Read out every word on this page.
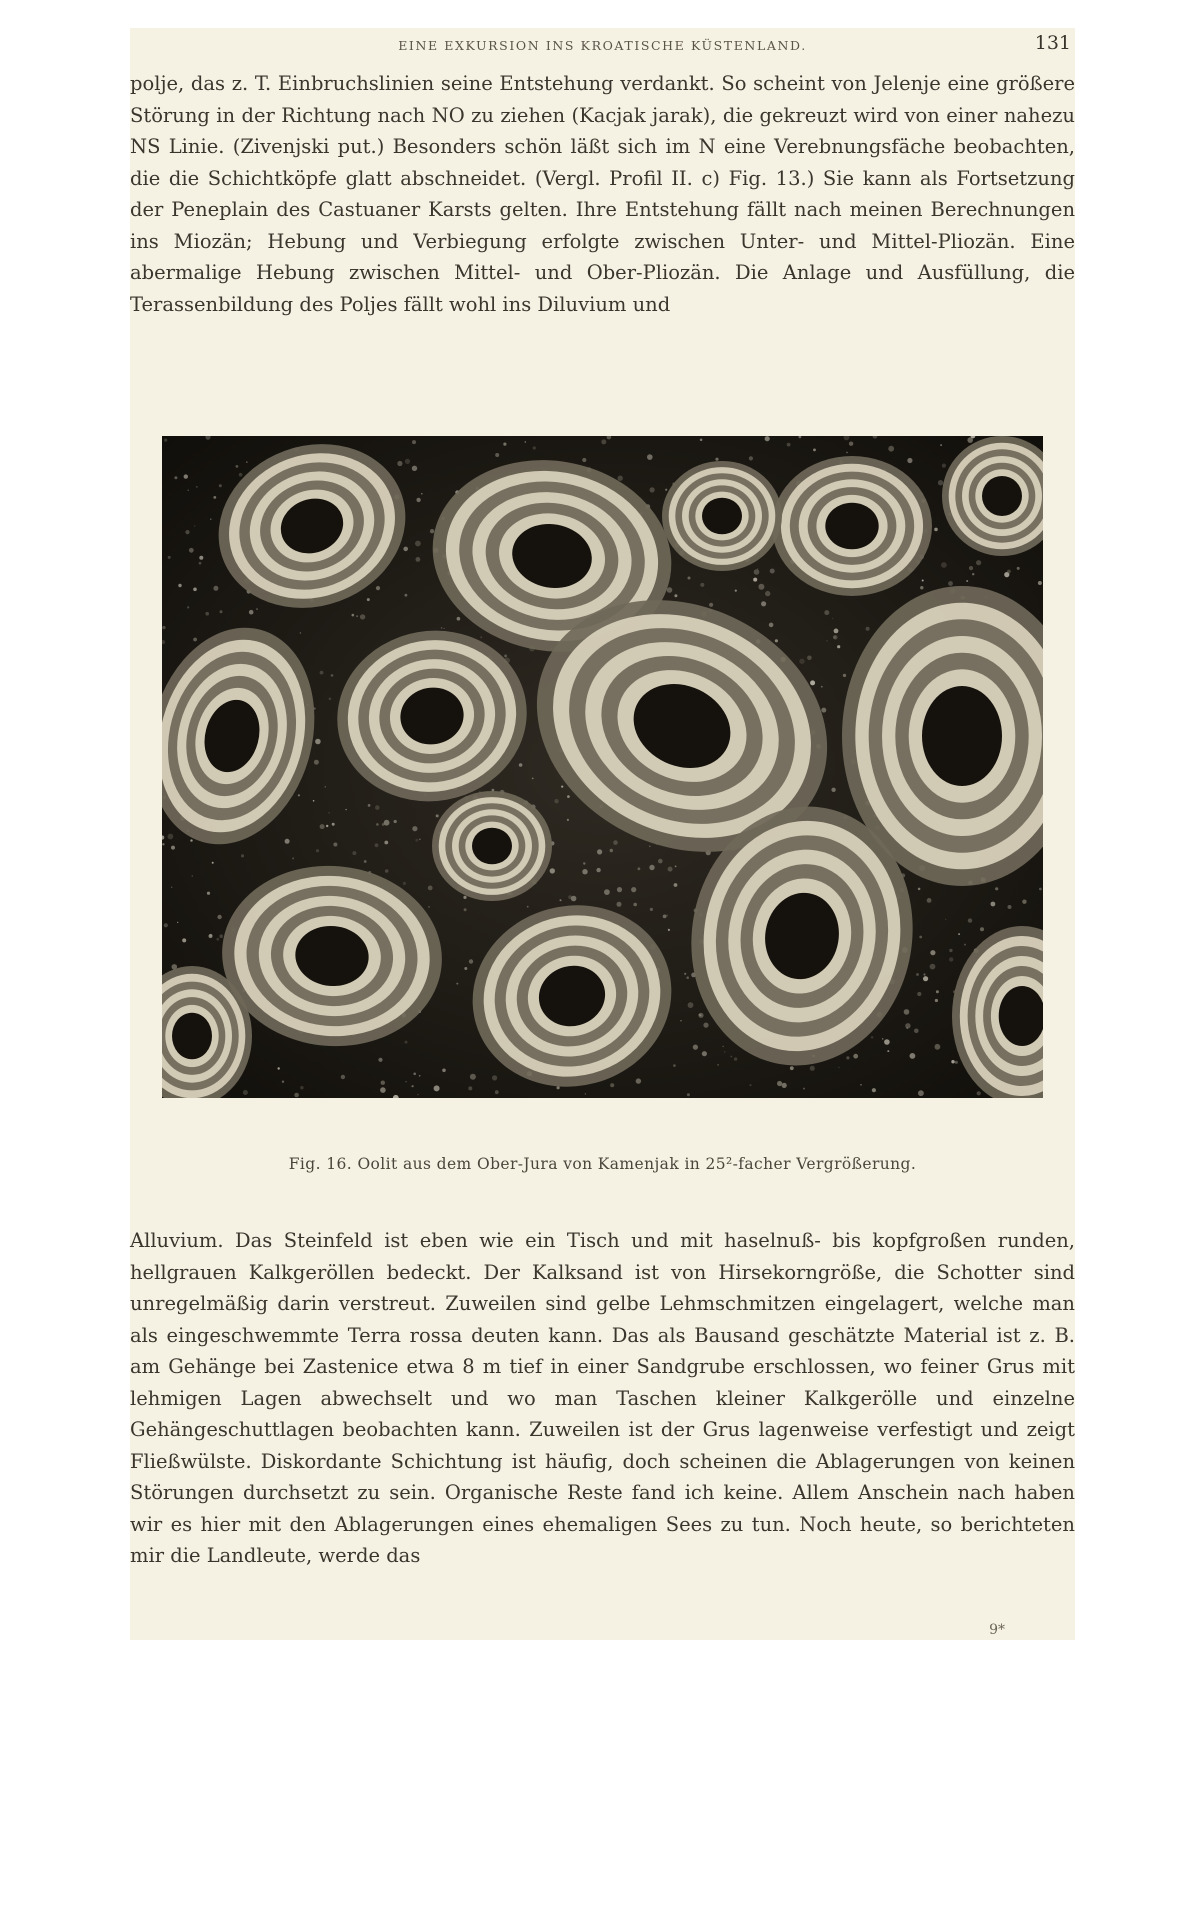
EINE EXKURSION INS KROATISCHE KÜSTENLAND.	131

polje, das z. T. Einbruchslinien seine Entstehung verdankt. So scheint von Jelenje eine größere Störung in der Richtung nach NO zu ziehen (Kacjak jarak), die gekreuzt wird von einer nahezu NS Linie. (Zivenjski put.) Besonders schön läßt sich im N eine Verebnungsfäche beobachten, die die Schichtköpfe glatt abschneidet. (Vergl. Profil II. c) Fig. 13.) Sie kann als Fortsetzung der Peneplain des Castuaner Karsts gelten. Ihre Entstehung fällt nach meinen Berechnungen ins Miozän; Hebung und Verbiegung erfolgte zwischen Unter- und Mittel-Pliozän. Eine abermalige Hebung zwischen Mittel- und Ober-Pliozän. Die Anlage und Ausfüllung, die Terassenbildung des Poljes fällt wohl ins Diluvium und

Fig. 16. Oolit aus dem Ober-Jura von Kamenjak in 25²-facher Vergrößerung.

Alluvium. Das Steinfeld ist eben wie ein Tisch und mit haselnuß- bis kopfgroßen runden, hellgrauen Kalkgeröllen bedeckt. Der Kalksand ist von Hirsekorngröße, die Schotter sind unregelmäßig darin verstreut. Zuweilen sind gelbe Lehmschmitzen eingelagert, welche man als eingeschwemmte Terra rossa deuten kann. Das als Bausand geschätzte Material ist z. B. am Gehänge bei Zastenice etwa 8 m tief in einer Sandgrube erschlossen, wo feiner Grus mit lehmigen Lagen abwechselt und wo man Taschen kleiner Kalkgerölle und einzelne Gehängeschuttlagen beobachten kann. Zuweilen ist der Grus lagenweise verfestigt und zeigt Fließwülste. Diskordante Schichtung ist häufig, doch scheinen die Ablagerungen von keinen Störungen durchsetzt zu sein. Organische Reste fand ich keine. Allem Anschein nach haben wir es hier mit den Ablagerungen eines ehemaligen Sees zu tun. Noch heute, so berichteten mir die Landleute, werde das

9*
